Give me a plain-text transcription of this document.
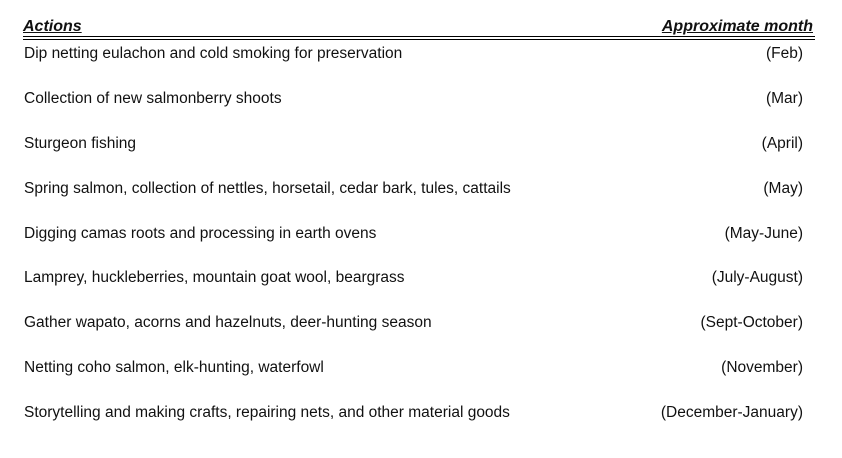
Actions	Approximate month
Dip netting eulachon and cold smoking for preservation	(Feb)
Collection of new salmonberry shoots	(Mar)
Sturgeon fishing	(April)
Spring salmon, collection of nettles, horsetail, cedar bark, tules, cattails	(May)
Digging camas roots and processing in earth ovens	(May-June)
Lamprey, huckleberries, mountain goat wool, beargrass	(July-August)
Gather wapato, acorns and hazelnuts, deer-hunting season	(Sept-October)
Netting coho salmon, elk-hunting, waterfowl	(November)
Storytelling and making crafts, repairing nets, and other material goods	(December-January)
